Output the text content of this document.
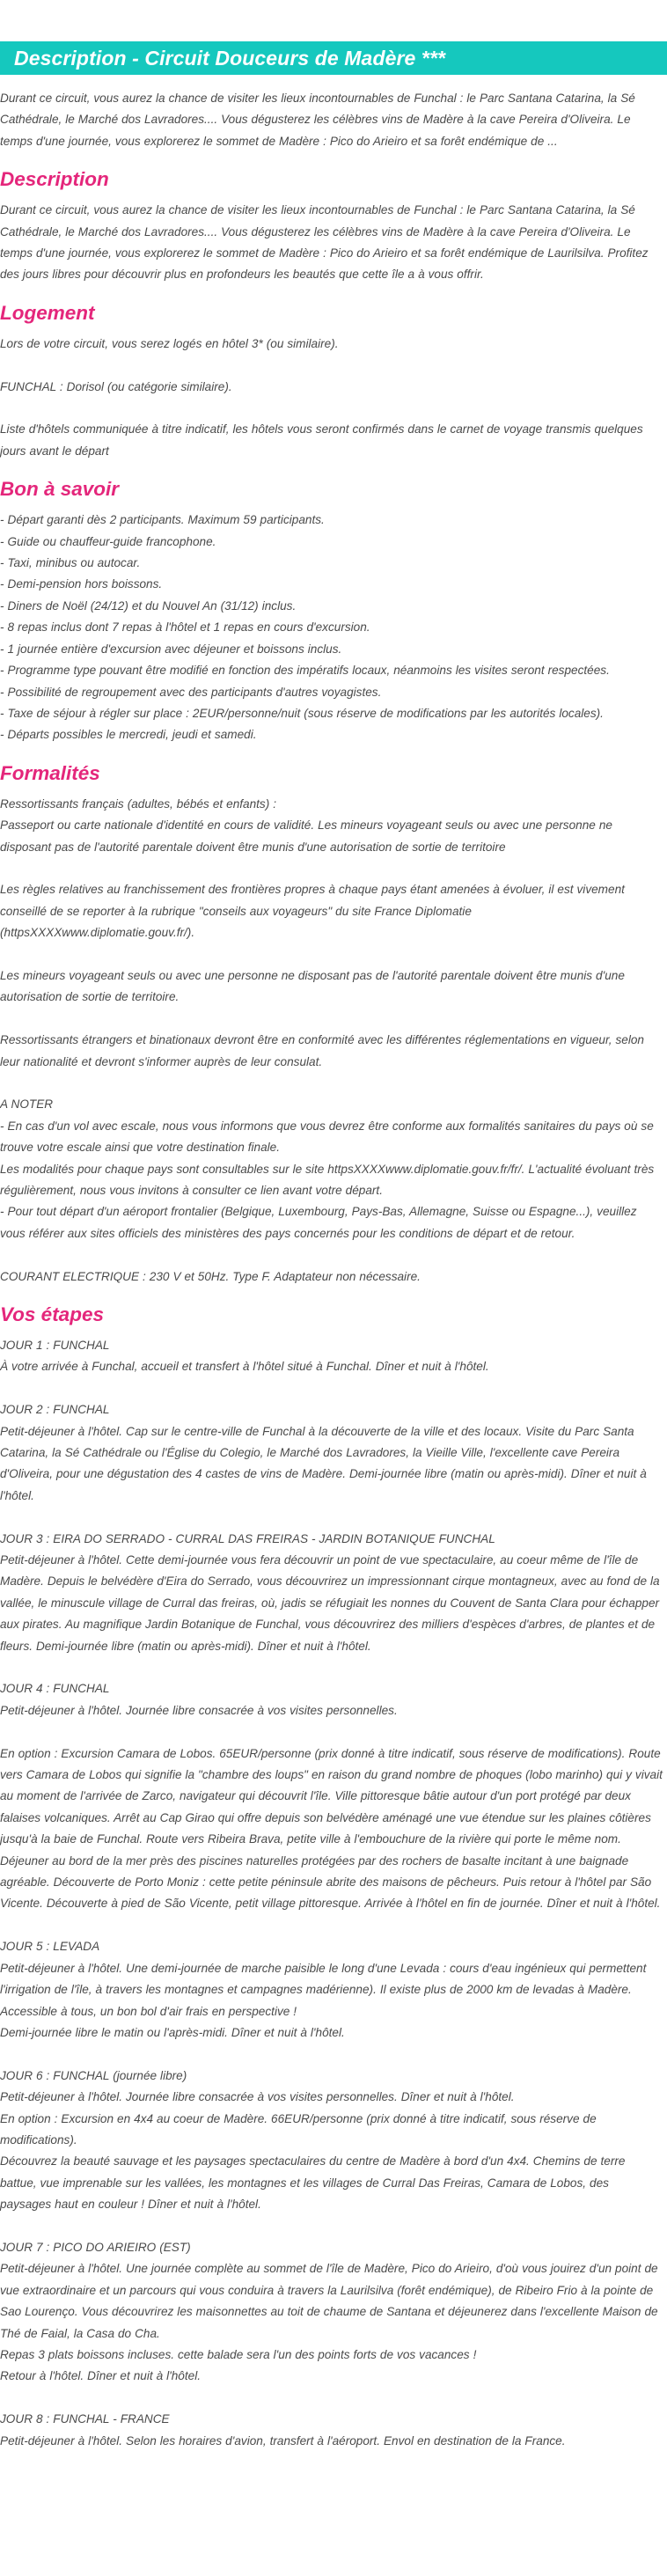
Description - Circuit Douceurs de Madère ***

Durant ce circuit, vous aurez la chance de visiter les lieux incontournables de Funchal : le Parc Santana Catarina, la Sé Cathédrale, le Marché dos Lavradores.... Vous dégusterez les célèbres vins de Madère à la cave Pereira d'Oliveira. Le temps d'une journée, vous explorerez le sommet de Madère : Pico do Arieiro et sa forêt endémique de ...

Description

Durant ce circuit, vous aurez la chance de visiter les lieux incontournables de Funchal : le Parc Santana Catarina, la Sé Cathédrale, le Marché dos Lavradores.... Vous dégusterez les célèbres vins de Madère à la cave Pereira d'Oliveira. Le temps d'une journée, vous explorerez le sommet de Madère : Pico do Arieiro et sa forêt endémique de Laurilsilva. Profitez des jours libres pour découvrir plus en profondeurs les beautés que cette île a à vous offrir.

Logement

Lors de votre circuit, vous serez logés en hôtel 3* (ou similaire).

FUNCHAL : Dorisol (ou catégorie similaire).

Liste d'hôtels communiquée à titre indicatif, les hôtels vous seront confirmés dans le carnet de voyage transmis quelques jours avant le départ

Bon à savoir
- Départ garanti dès 2 participants. Maximum 59 participants.
- Guide ou chauffeur-guide francophone.
- Taxi, minibus ou autocar.
- Demi-pension hors boissons.
- Diners de Noël (24/12) et du Nouvel An (31/12) inclus.
- 8 repas inclus dont 7 repas à l'hôtel et 1 repas en cours d'excursion.
- 1 journée entière d'excursion avec déjeuner et boissons inclus.
- Programme type pouvant être modifié en fonction des impératifs locaux, néanmoins les visites seront respectées.
- Possibilité de regroupement avec des participants d'autres voyagistes.
- Taxe de séjour à régler sur place : 2EUR/personne/nuit (sous réserve de modifications par les autorités locales).
- Départs possibles le mercredi, jeudi et samedi.
Formalités

Ressortissants français (adultes, bébés et enfants) :

Passeport ou carte nationale d'identité en cours de validité. Les mineurs voyageant seuls ou avec une personne ne disposant pas de l'autorité parentale doivent être munis d'une autorisation de sortie de territoire

Les règles relatives au franchissement des frontières propres à chaque pays étant amenées à évoluer, il est vivement conseillé de se reporter à la rubrique "conseils aux voyageurs" du site France Diplomatie (httpsXXXXwww.diplomatie.gouv.fr/).

Les mineurs voyageant seuls ou avec une personne ne disposant pas de l'autorité parentale doivent être munis d'une autorisation de sortie de territoire.

Ressortissants étrangers et binationaux devront être en conformité avec les différentes réglementations en vigueur, selon leur nationalité et devront s'informer auprès de leur consulat.

A NOTER

- En cas d'un vol avec escale, nous vous informons que vous devrez être conforme aux formalités sanitaires du pays où se trouve votre escale ainsi que votre destination finale.

Les modalités pour chaque pays sont consultables sur le site httpsXXXXwww.diplomatie.gouv.fr/fr/. L'actualité évoluant très régulièrement, nous vous invitons à consulter ce lien avant votre départ.

- Pour tout départ d'un aéroport frontalier (Belgique, Luxembourg, Pays-Bas, Allemagne, Suisse ou Espagne...), veuillez vous référer aux sites officiels des ministères des pays concernés pour les conditions de départ et de retour.

COURANT ELECTRIQUE : 230 V et 50Hz. Type F. Adaptateur non nécessaire.

Vos étapes

JOUR 1 : FUNCHAL

À votre arrivée à Funchal, accueil et transfert à l'hôtel situé à Funchal. Dîner et nuit à l'hôtel.

JOUR 2 : FUNCHAL

Petit-déjeuner à l'hôtel. Cap sur le centre-ville de Funchal à la découverte de la ville et des locaux. Visite du Parc Santa Catarina, la Sé Cathédrale ou l'Église du Colegio, le Marché dos Lavradores, la Vieille Ville, l'excellente cave Pereira d'Oliveira, pour une dégustation des 4 castes de vins de Madère. Demi-journée libre (matin ou après-midi). Dîner et nuit à l'hôtel.

JOUR 3 : EIRA DO SERRADO - CURRAL DAS FREIRAS - JARDIN BOTANIQUE FUNCHAL

Petit-déjeuner à l'hôtel. Cette demi-journée vous fera découvrir un point de vue spectaculaire, au coeur même de l'île de Madère. Depuis le belvédère d'Eira do Serrado, vous découvrirez un impressionnant cirque montagneux, avec au fond de la vallée, le minuscule village de Curral das freiras, où, jadis se réfugiait les nonnes du Couvent de Santa Clara pour échapper aux pirates. Au magnifique Jardin Botanique de Funchal, vous découvrirez des milliers d'espèces d'arbres, de plantes et de fleurs. Demi-journée libre (matin ou après-midi). Dîner et nuit à l'hôtel.

JOUR 4 : FUNCHAL

Petit-déjeuner à l'hôtel. Journée libre consacrée à vos visites personnelles.

En option : Excursion Camara de Lobos. 65EUR/personne (prix donné à titre indicatif, sous réserve de modifications). Route vers Camara de Lobos qui signifie la "chambre des loups" en raison du grand nombre de phoques (lobo marinho) qui y vivait au moment de l'arrivée de Zarco, navigateur qui découvrit l'île. Ville pittoresque bâtie autour d'un port protégé par deux falaises volcaniques. Arrêt au Cap Girao qui offre depuis son belvédère aménagé une vue étendue sur les plaines côtières jusqu'à la baie de Funchal. Route vers Ribeira Brava, petite ville à l'embouchure de la rivière qui porte le même nom. Déjeuner au bord de la mer près des piscines naturelles protégées par des rochers de basalte incitant à une baignade agréable. Découverte de Porto Moniz : cette petite péninsule abrite des maisons de pêcheurs. Puis retour à l'hôtel par São Vicente. Découverte à pied de São Vicente, petit village pittoresque. Arrivée à l'hôtel en fin de journée. Dîner et nuit à l'hôtel.

JOUR 5 : LEVADA

Petit-déjeuner à l'hôtel. Une demi-journée de marche paisible le long d'une Levada : cours d'eau ingénieux qui permettent l'irrigation de l'île, à travers les montagnes et campagnes madérienne). Il existe plus de 2000 km de levadas à Madère. Accessible à tous, un bon bol d'air frais en perspective !

Demi-journée libre le matin ou l'après-midi. Dîner et nuit à l'hôtel.

JOUR 6 : FUNCHAL (journée libre)

Petit-déjeuner à l'hôtel. Journée libre consacrée à vos visites personnelles. Dîner et nuit à l'hôtel.

En option : Excursion en 4x4 au coeur de Madère. 66EUR/personne (prix donné à titre indicatif, sous réserve de modifications).

Découvrez la beauté sauvage et les paysages spectaculaires du centre de Madère à bord d'un 4x4. Chemins de terre battue, vue imprenable sur les vallées, les montagnes et les villages de Curral Das Freiras, Camara de Lobos, des paysages haut en couleur ! Dîner et nuit à l'hôtel.

JOUR 7 : PICO DO ARIEIRO (EST)

Petit-déjeuner à l'hôtel. Une journée complète au sommet de l'île de Madère, Pico do Arieiro, d'où vous jouirez d'un point de vue extraordinaire et un parcours qui vous conduira à travers la Laurilsilva (forêt endémique), de Ribeiro Frio à la pointe de Sao Lourenço. Vous découvrirez les maisonnettes au toit de chaume de Santana et déjeunerez dans l'excellente Maison de Thé de Faial, la Casa do Cha.

Repas 3 plats boissons incluses. cette balade sera l'un des points forts de vos vacances !

Retour à l'hôtel. Dîner et nuit à l'hôtel.

JOUR 8 : FUNCHAL - FRANCE

Petit-déjeuner à l'hôtel. Selon les horaires d'avion, transfert à l'aéroport. Envol en destination de la France.
